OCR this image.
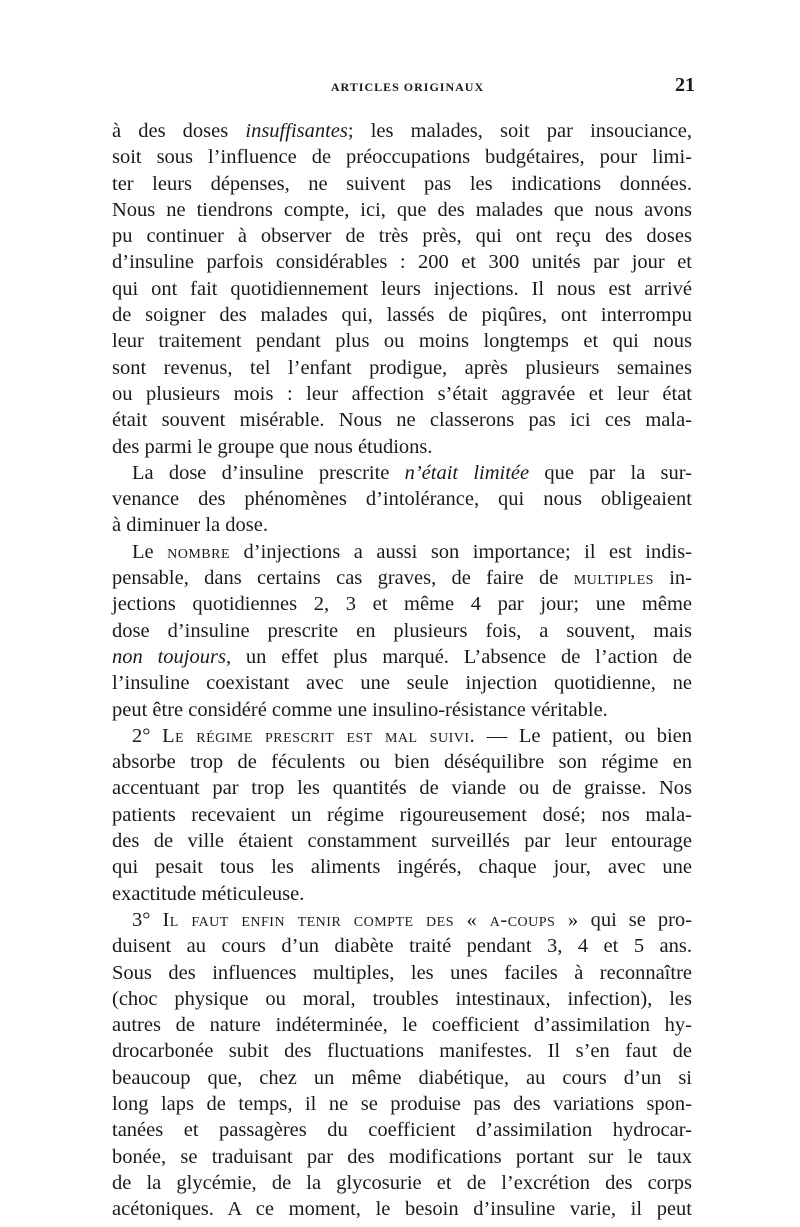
ARTICLES ORIGINAUX	21
à des doses insuffisantes; les malades, soit par insouciance,
soit sous l’influence de préoccupations budgétaires, pour limi-
ter leurs dépenses, ne suivent pas les indications données.
Nous ne tiendrons compte, ici, que des malades que nous avons
pu continuer à observer de très près, qui ont reçu des doses
d’insuline parfois considérables : 200 et 300 unités par jour et
qui ont fait quotidiennement leurs injections. Il nous est arrivé
de soigner des malades qui, lassés de piqûres, ont interrompu
leur traitement pendant plus ou moins longtemps et qui nous
sont revenus, tel l’enfant prodigue, après plusieurs semaines
ou plusieurs mois : leur affection s’était aggravée et leur état
était souvent misérable. Nous ne classerons pas ici ces mala-
des parmi le groupe que nous étudions.
La dose d’insuline prescrite n’était limitée que par la sur-
venance des phénomènes d’intolérance, qui nous obligeaient
à diminuer la dose.
Le nombre d’injections a aussi son importance; il est indis-
pensable, dans certains cas graves, de faire de multiples in-
jections quotidiennes 2, 3 et même 4 par jour; une même
dose d’insuline prescrite en plusieurs fois, a souvent, mais
non toujours, un effet plus marqué. L’absence de l’action de
l’insuline coexistant avec une seule injection quotidienne, ne
peut être considéré comme une insulino-résistance véritable.
2° Le régime prescrit est mal suivi. — Le patient, ou bien
absorbe trop de féculents ou bien déséquilibre son régime en
accentuant par trop les quantités de viande ou de graisse. Nos
patients recevaient un régime rigoureusement dosé; nos mala-
des de ville étaient constamment surveillés par leur entourage
qui pesait tous les aliments ingérés, chaque jour, avec une
exactitude méticuleuse.
3° Il faut enfin tenir compte des « a-coups » qui se pro-
duisent au cours d’un diabète traité pendant 3, 4 et 5 ans.
Sous des influences multiples, les unes faciles à reconnaître
(choc physique ou moral, troubles intestinaux, infection), les
autres de nature indéterminée, le coefficient d’assimilation hy-
drocarbonée subit des fluctuations manifestes. Il s’en faut de
beaucoup que, chez un même diabétique, au cours d’un si
long laps de temps, il ne se produise pas des variations spon-
tanées et passagères du coefficient d’assimilation hydrocar-
bonée, se traduisant par des modifications portant sur le taux
de la glycémie, de la glycosurie et de l’excrétion des corps
acétoniques. A ce moment, le besoin d’insuline varie, il peut
